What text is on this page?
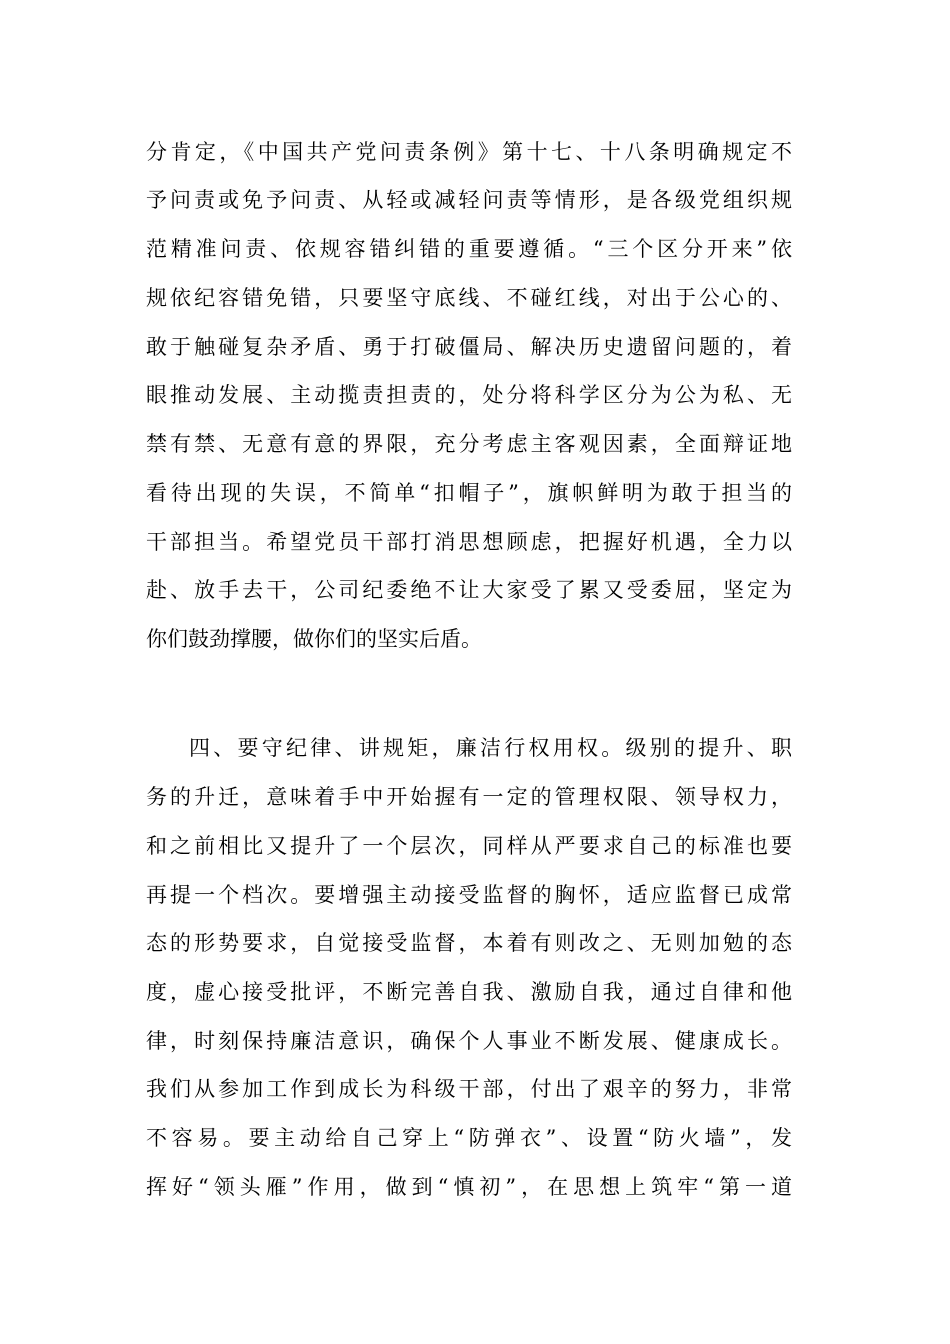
分肯定，《中国共产党问责条例》第十七、十八条明确规定不
予问责或免予问责、从轻或减轻问责等情形，是各级党组织规
范精准问责、依规容错纠错的重要遵循。“三个区分开来”依
规依纪容错免错，只要坚守底线、不碰红线，对出于公心的、
敢于触碰复杂矛盾、勇于打破僵局、解决历史遗留问题的，着
眼推动发展、主动揽责担责的，处分将科学区分为公为私、无
禁有禁、无意有意的界限，充分考虑主客观因素，全面辩证地
看待出现的失误，不简单“扣帽子”，旗帜鲜明为敢于担当的
干部担当。希望党员干部打消思想顾虑，把握好机遇，全力以
赴、放手去干，公司纪委绝不让大家受了累又受委屈，坚定为
你们鼓劲撑腰，做你们的坚实后盾。
四、要守纪律、讲规矩，廉洁行权用权。级别的提升、职
务的升迁，意味着手中开始握有一定的管理权限、领导权力，
和之前相比又提升了一个层次，同样从严要求自己的标准也要
再提一个档次。要增强主动接受监督的胸怀，适应监督已成常
态的形势要求，自觉接受监督，本着有则改之、无则加勉的态
度，虚心接受批评，不断完善自我、激励自我，通过自律和他
律，时刻保持廉洁意识，确保个人事业不断发展、健康成长。
我们从参加工作到成长为科级干部，付出了艰辛的努力，非常
不容易。要主动给自己穿上“防弹衣”、设置“防火墙”，发
挥好“领头雁”作用，做到“慎初”，在思想上筑牢“第一道
